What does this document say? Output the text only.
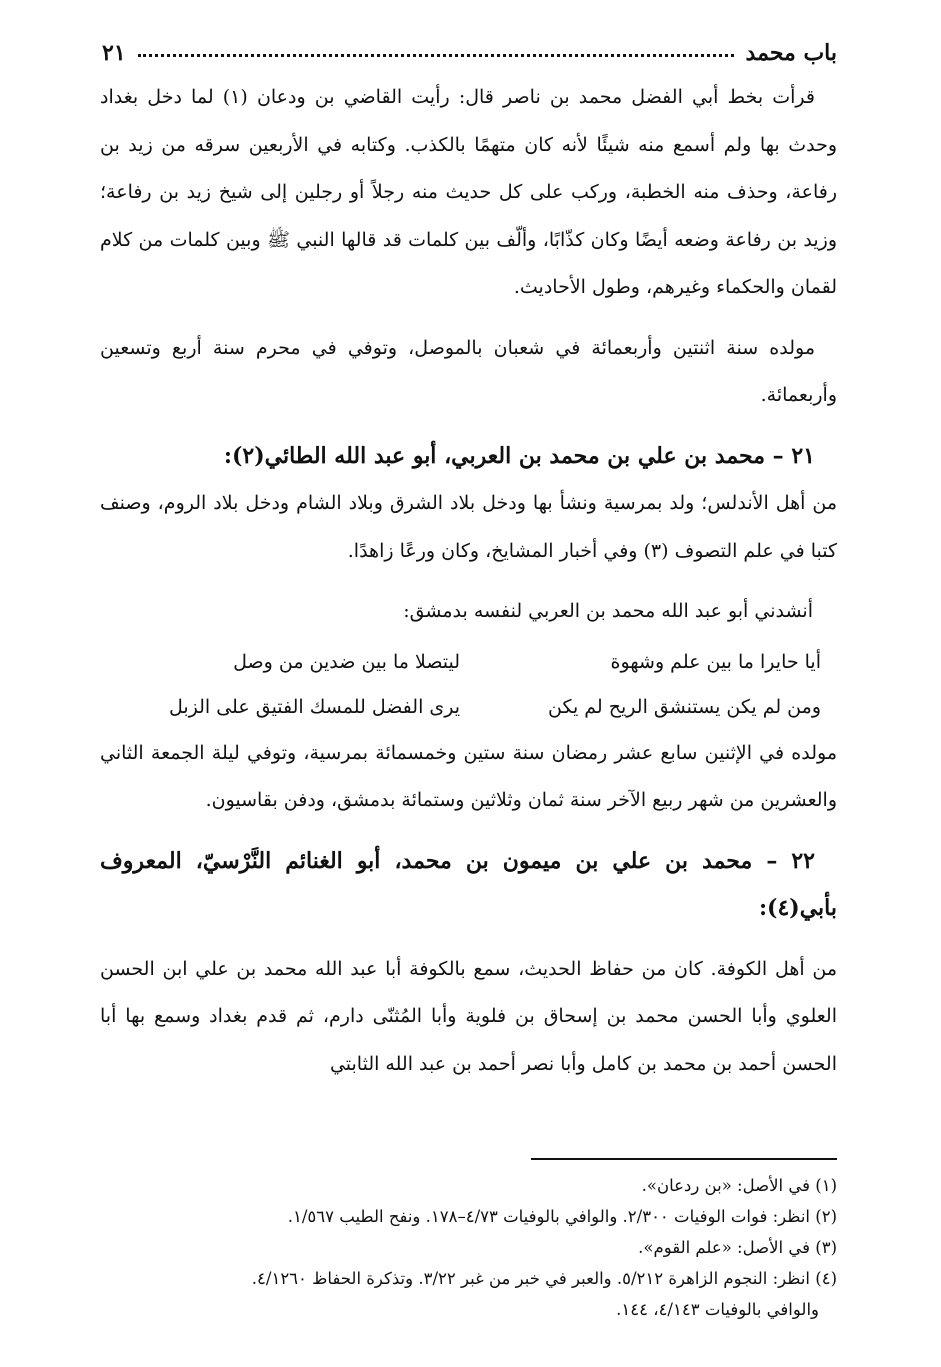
باب محمد
٢١

قرأت بخط أبي الفضل محمد بن ناصر قال: رأيت القاضي بن ودعان (١) لما دخل بغداد وحدث بها ولم أسمع منه شيئًا لأنه كان متهمًا بالكذب. وكتابه في الأربعين سرقه من زيد بن رفاعة، وحذف منه الخطبة، وركب على كل حديث منه رجلاً أو رجلين إلى شيخ زيد بن رفاعة؛ وزيد بن رفاعة وضعه أيضًا وكان كذّابًا، وألّف بين كلمات قد قالها النبي ﷺ وبين كلمات من كلام لقمان والحكماء وغيرهم، وطول الأحاديث.

مولده سنة اثنتين وأربعمائة في شعبان بالموصل، وتوفي في محرم سنة أربع وتسعين وأربعمائة.

٢١ – محمد بن علي بن محمد بن العربي، أبو عبد الله الطائي(٢):

من أهل الأندلس؛ ولد بمرسية ونشأ بها ودخل بلاد الشرق وبلاد الشام ودخل بلاد الروم، وصنف كتبا في علم التصوف (٣) وفي أخبار المشايخ، وكان ورعًا زاهدًا.

أنشدني أبو عبد الله محمد بن العربي لنفسه بدمشق:

أيا حايرا ما بين علم وشهوة
ليتصلا ما بين ضدين من وصل
ومن لم يكن يستنشق الريح لم يكن
يرى الفضل للمسك الفتيق على الزبل

مولده في الإثنين سابع عشر رمضان سنة ستين وخمسمائة بمرسية، وتوفي ليلة الجمعة الثاني والعشرين من شهر ربيع الآخر سنة ثمان وثلاثين وستمائة بدمشق، ودفن بقاسيون.

٢٢ – محمد بن علي بن ميمون بن محمد، أبو الغنائم النَّرْسيّ، المعروف بأبي(٤):

من أهل الكوفة. كان من حفاظ الحديث، سمع بالكوفة أبا عبد الله محمد بن علي ابن الحسن العلوي وأبا الحسن محمد بن إسحاق بن فلوية وأبا المُثنّى دارم، ثم قدم بغداد وسمع بها أبا الحسن أحمد بن محمد بن كامل وأبا نصر أحمد بن عبد الله الثابتي

(١) في الأصل: «بن ردعان».

(٢) انظر: فوات الوفيات ٢/٣٠٠. والوافي بالوفيات ٤/٧٣–١٧٨. ونفح الطيب ١/٥٦٧.

(٣) في الأصل: «علم القوم».

(٤) انظر: النجوم الزاهرة ٥/٢١٢. والعبر في خبر من غبر ٣/٢٢. وتذكرة الحفاظ ٤/١٢٦٠.

والوافي بالوفيات ٤/١٤٣، ١٤٤.
